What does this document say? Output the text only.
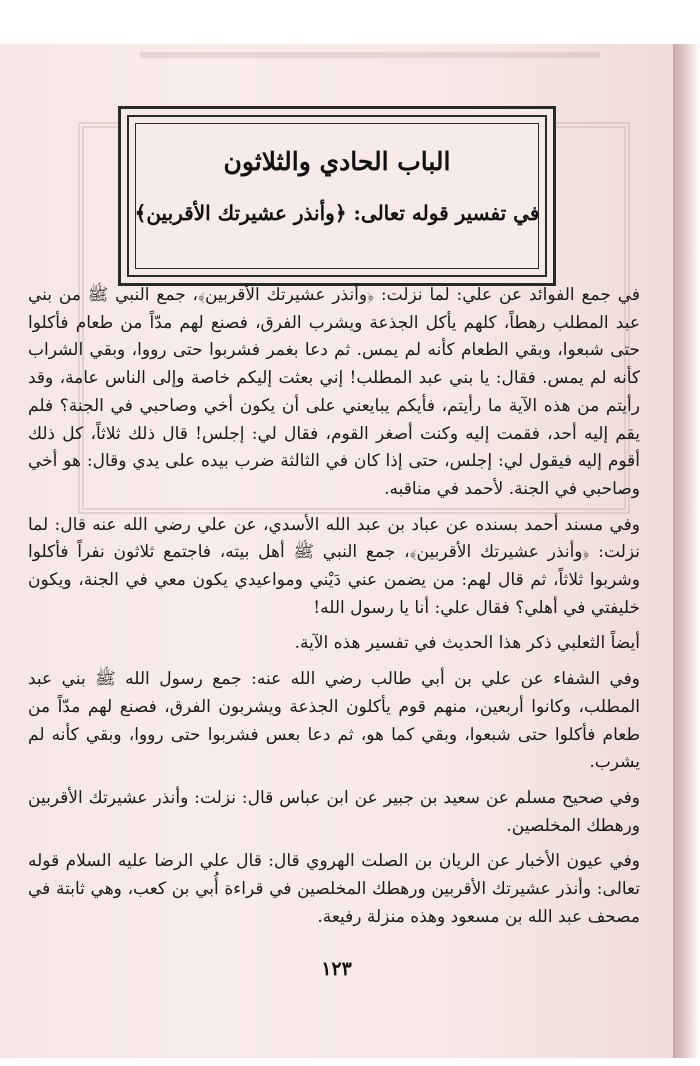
الباب الحادي والثلاثون
في تفسير قوله تعالى: ﴿وأنذر عشيرتك الأقربين﴾

في جمع الفوائد عن علي: لما نزلت: ﴿وأنذر عشيرتك الأقربين﴾، جمع النبي ﷺ من بني عبد المطلب رهطاً، كلهم يأكل الجذعة ويشرب الفرق، فصنع لهم مدّاً من طعام فأكلوا حتى شبعوا، وبقي الطعام كأنه لم يمس. ثم دعا بغمر فشربوا حتى رووا، وبقي الشراب كأنه لم يمس. فقال: يا بني عبد المطلب! إني بعثت إليكم خاصة وإلى الناس عامة، وقد رأيتم من هذه الآية ما رأيتم، فأيكم يبايعني على أن يكون أخي وصاحبي في الجنة؟ فلم يقم إليه أحد، فقمت إليه وكنت أصغر القوم، فقال لي: إجلس! قال ذلك ثلاثاً، كل ذلك أقوم إليه فيقول لي: إجلس، حتى إذا كان في الثالثة ضرب بيده على يدي وقال: هو أخي وصاحبي في الجنة. لأحمد في مناقبه.

وفي مسند أحمد بسنده عن عباد بن عبد الله الأسدي، عن علي رضي الله عنه قال: لما نزلت: ﴿وأنذر عشيرتك الأقربين﴾، جمع النبي ﷺ أهل بيته، فاجتمع ثلاثون نفراً فأكلوا وشربوا ثلاثاً، ثم قال لهم: من يضمن عني دَيْني ومواعيدي يكون معي في الجنة، ويكون خليفتي في أهلي؟ فقال علي: أنا يا رسول الله!

أيضاً الثعلبي ذكر هذا الحديث في تفسير هذه الآية.

وفي الشفاء عن علي بن أبي طالب رضي الله عنه: جمع رسول الله ﷺ بني عبد المطلب، وكانوا أربعين، منهم قوم يأكلون الجذعة ويشربون الفرق، فصنع لهم مدّاً من طعام فأكلوا حتى شبعوا، وبقي كما هو، ثم دعا بعس فشربوا حتى رووا، وبقي كأنه لم يشرب.

وفي صحيح مسلم عن سعيد بن جبير عن ابن عباس قال: نزلت: وأنذر عشيرتك الأقربين ورهطك المخلصين.

وفي عيون الأخبار عن الريان بن الصلت الهروي قال: قال علي الرضا عليه السلام قوله تعالى: وأنذر عشيرتك الأقربين ورهطك المخلصين في قراءة أُبي بن كعب، وهي ثابتة في مصحف عبد الله بن مسعود وهذه منزلة رفيعة.

١٢٣
